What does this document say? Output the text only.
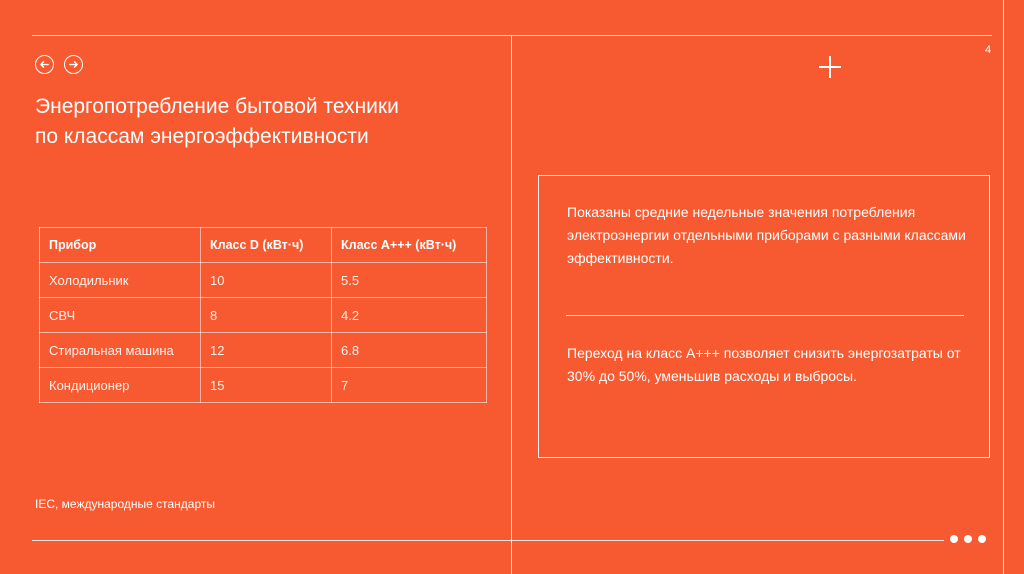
4
Энергопотребление бытовой техники
по классам энергоэффективности
Прибор	Класс D (кВт·ч)	Класс А+++ (кВт·ч)
Холодильник	10	5.5
СВЧ	8	4.2
Стиральная машина	12	6.8
Кондиционер	15	7
IEC, международные стандарты
Показаны средние недельные значения потребления электроэнергии отдельными приборами с разными классами эффективности.
Переход на класс А+++ позволяет снизить энергозатраты от 30% до 50%, уменьшив расходы и выбросы.
